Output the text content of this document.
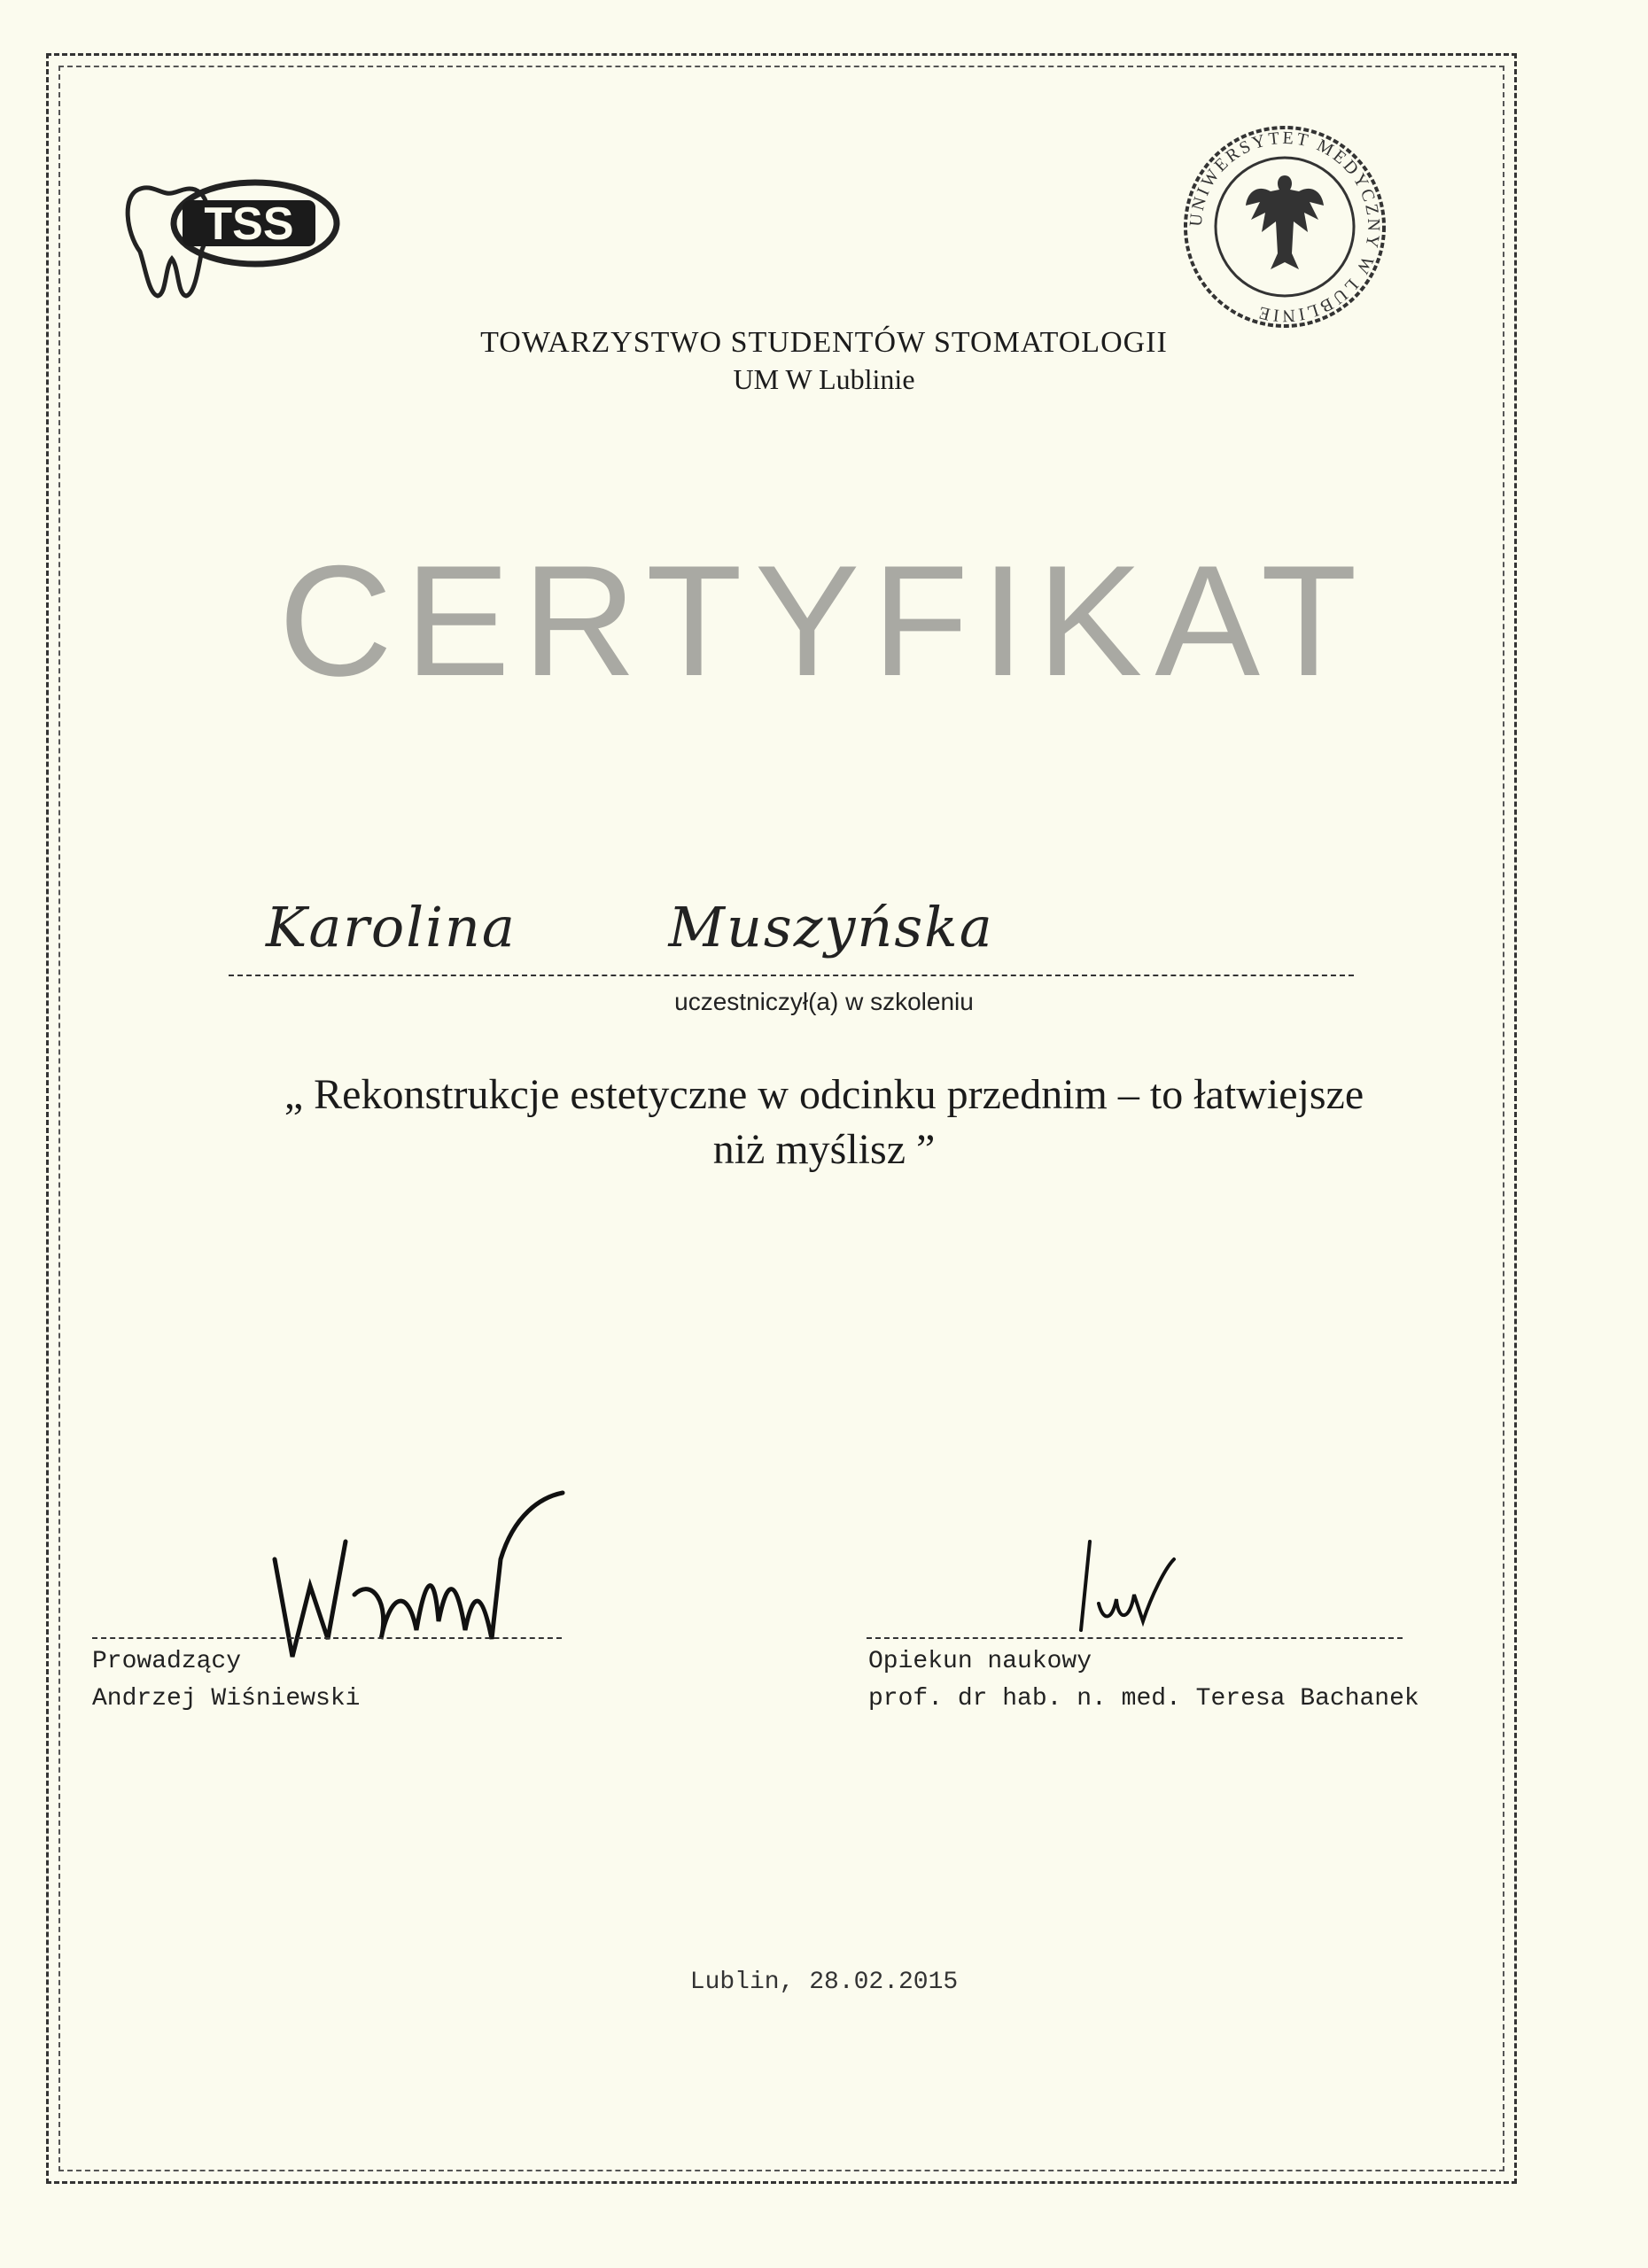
TSS	UNIWERSYTET MEDYCZNY W LUBLINIE
TOWARZYSTWO STUDENTÓW STOMATOLOGII
UM W Lublinie
CERTYFIKAT
Karolina Muszyńska
uczestniczył(a) w szkoleniu
„ Rekonstrukcje estetyczne w odcinku przednim – to łatwiejsze
niż myślisz ”
Prowadzący
Andrzej Wiśniewski
Opiekun naukowy
prof. dr hab. n. med. Teresa Bachanek
Lublin, 28.02.2015
